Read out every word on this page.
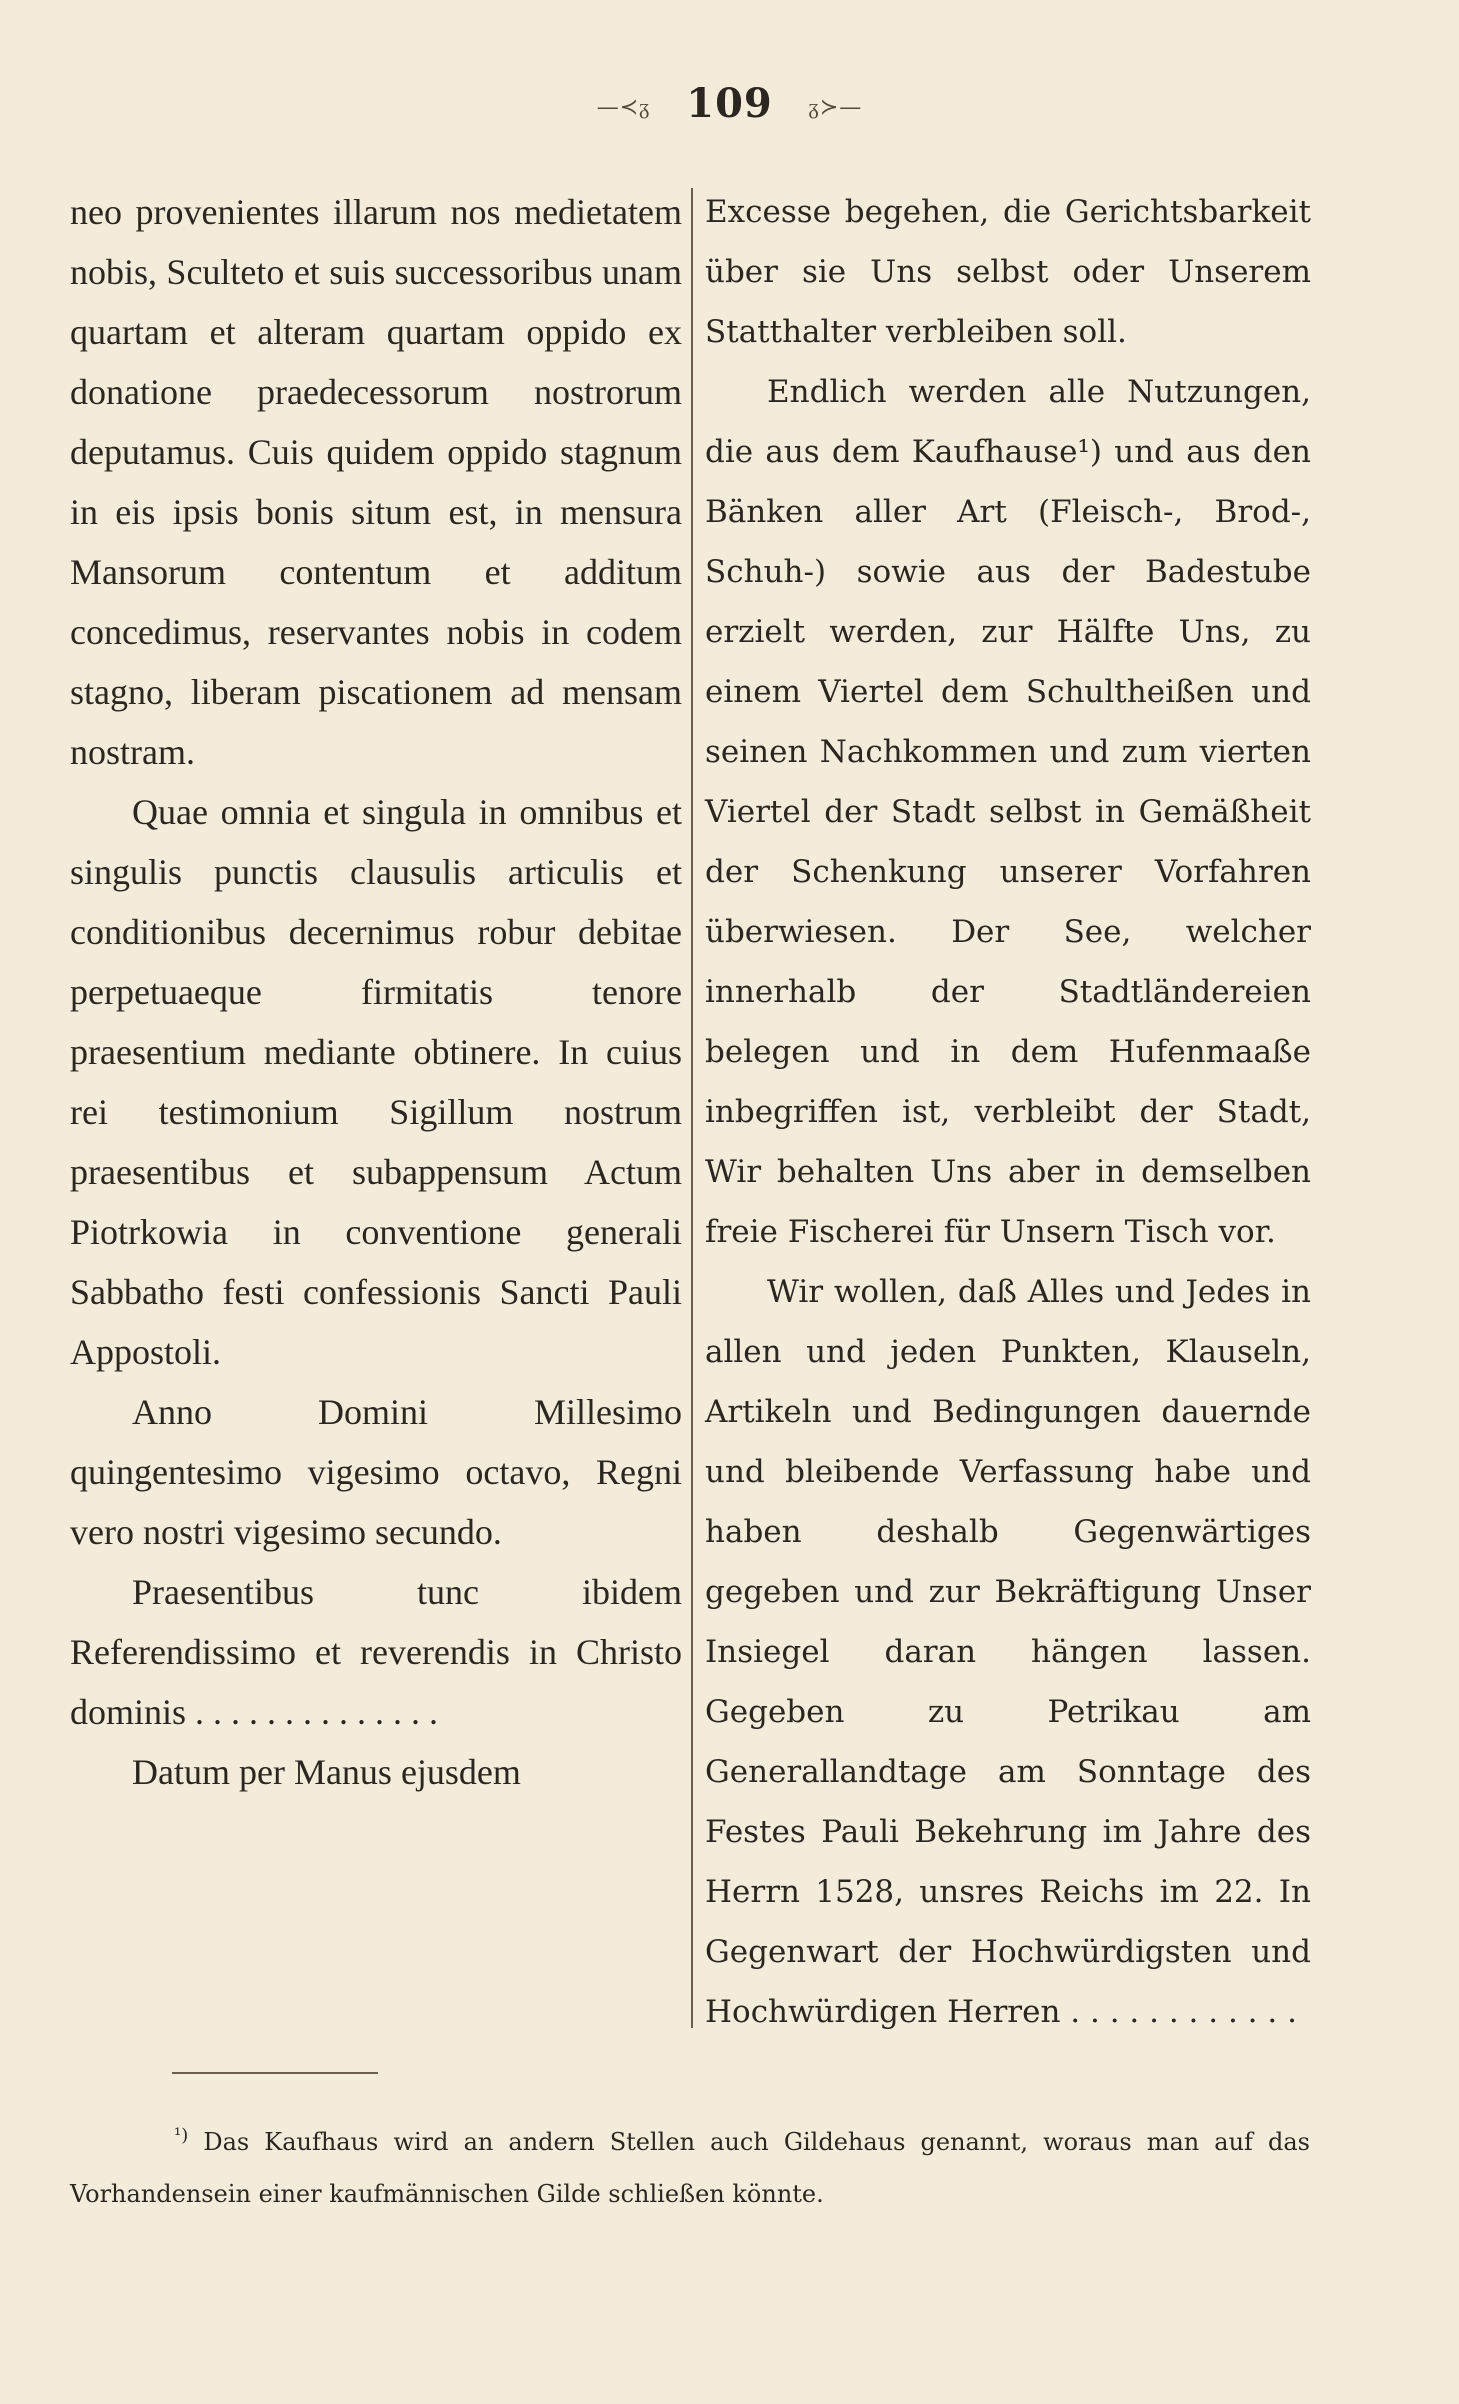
—≺ᵹ 109 ᵹ≻—

neo provenientes illarum nos medietatem nobis, Sculteto et suis successoribus unam quartam et alteram quartam oppido ex donatione praedecessorum nostrorum deputamus. Cuis quidem oppido stagnum in eis ipsis bonis situm est, in mensura Mansorum contentum et additum concedimus, reservantes nobis in codem stagno, liberam piscationem ad mensam nostram.

Quae omnia et singula in omnibus et singulis punctis clausulis articulis et conditionibus decernimus robur debitae perpetuaeque firmitatis tenore praesentium mediante obtinere. In cuius rei testimonium Sigillum nostrum praesentibus et subappensum Actum Piotrkowia in conventione generali Sabbatho festi confessionis Sancti Pauli Appostoli.

Anno Domini Millesimo quingentesimo vigesimo octavo, Regni vero nostri vigesimo secundo.

Praesentibus tunc ibidem Referendissimo et reverendis in Christo dominis . . . . . . . . . . . . . .

Datum per Manus ejusdem

Excesse begehen, die Gerichtsbarkeit über sie Uns selbst oder Unserem Statthalter verbleiben soll.

Endlich werden alle Nutzungen, die aus dem Kaufhause¹) und aus den Bänken aller Art (Fleisch-, Brod-, Schuh-) sowie aus der Badestube erzielt werden, zur Hälfte Uns, zu einem Viertel dem Schultheißen und seinen Nachkommen und zum vierten Viertel der Stadt selbst in Gemäßheit der Schenkung unserer Vorfahren überwiesen. Der See, welcher innerhalb der Stadtländereien belegen und in dem Hufenmaaße inbegriffen ist, verbleibt der Stadt, Wir behalten Uns aber in demselben freie Fischerei für Unsern Tisch vor.

Wir wollen, daß Alles und Jedes in allen und jeden Punkten, Klauseln, Artikeln und Bedingungen dauernde und bleibende Verfassung habe und haben deshalb Gegenwärtiges gegeben und zur Bekräftigung Unser Insiegel daran hängen lassen. Gegeben zu Petrikau am Generallandtage am Sonntage des Festes Pauli Bekehrung im Jahre des Herrn 1528, unsres Reichs im 22. In Gegenwart der Hochwürdigsten und Hochwürdigen Herren . . . . . . . . . . . .

$^{^1)}$ Das Kaufhaus wird an andern Stellen auch Gildehaus genannt, woraus man auf das Vorhandensein einer kaufmännischen Gilde schließen könnte.
